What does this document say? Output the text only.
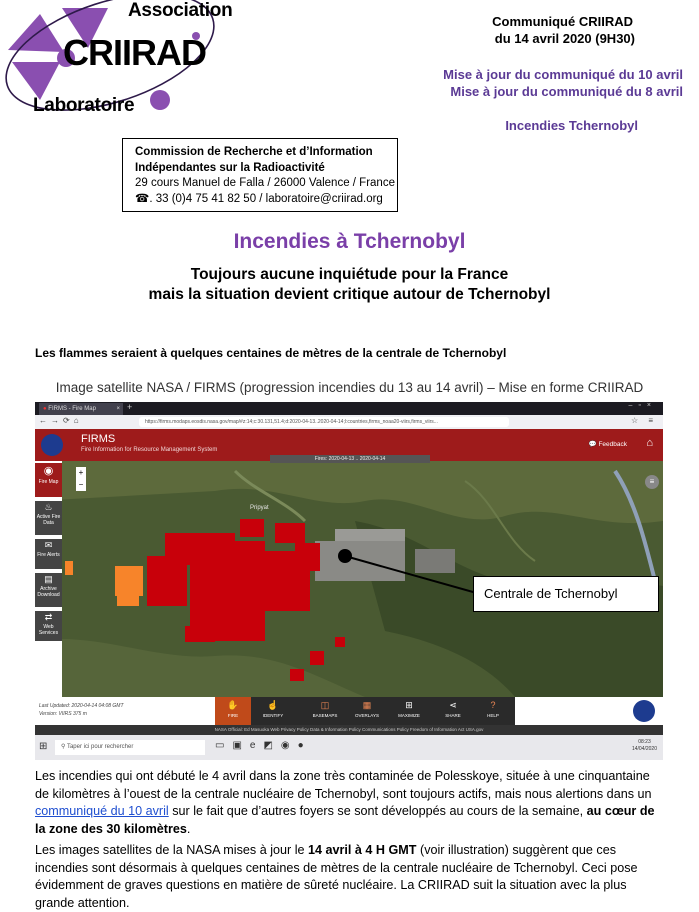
Association
CRIIRAD
Laboratoire
Communiqué CRIIRAD
du 14 avril 2020 (9H30)
Mise à jour du communiqué du 10 avril
Mise à jour du communiqué du 8 avril
Incendies Tchernobyl
Commission de Recherche et d’Information
Indépendantes sur la Radioactivité
29 cours Manuel de Falla / 26000 Valence / France
☎. 33 (0)4 75 41 82 50 / laboratoire@criirad.org
Incendies à Tchernobyl
Toujours aucune inquiétude pour la France
mais la situation devient critique autour de Tchernobyl
Les flammes seraient à quelques centaines de mètres de la centrale de Tchernobyl
Image satellite NASA / FIRMS (progression incendies du 13 au 14 avril) – Mise en forme CRIIRAD
● FIRMS - Fire Map	× +	–▫×
←→⟳⌂	https://firms.modaps.eosdis.nasa.gov/map/#z:14;c:30.131,51.4;d:2020-04-13..2020-04-14;l:countries,firms_noaa20-viirs,firms_viirs...	☆ ≡
FIRMS
Fire Information for Resource Management System
💬 Feedback ⌂
+
−
Fires: 2020-04-13 .. 2020-04-14
Pripyat
≡
Centrale de Tchernobyl
◉
Fire Map
♨
Active Fire Data
✉
Fire Alerts
▤
Archive Download
⇄
Web Services
Last Updated: 2020-04-14 04:08 GMT
Version: VIIRS 375 m
✋
FIRE
☝
IDENTIFY
◫
BASEMAPS
▦
OVERLAYS
⊞
MAXIMIZE
⋖
SHARE
?
HELP
NASA Official: Ed Masuoka Web Privacy Policy Data & Information Policy Communications Policy Freedom of Information Act USA.gov
⊞	⚲ Taper ici pour rechercher	▭▣e◩◉●	08:23
14/04/2020
Les incendies qui ont débuté le 4 avril dans la zone très contaminée de Polesskoye, située à une cinquantaine de kilomètres à l’ouest de la centrale nucléaire de Tchernobyl, sont toujours actifs, mais nous alertions dans un communiqué du 10 avril sur le fait que d’autres foyers se sont développés au cours de la semaine, au cœur de la zone des 30 kilomètres.
Les images satellites de la NASA mises à jour le 14 avril à 4 H GMT (voir illustration) suggèrent que ces incendies sont désormais à quelques centaines de mètres de la centrale nucléaire de Tchernobyl. Ceci pose évidemment de graves questions en matière de sûreté nucléaire. La CRIIRAD suit la situation avec la plus grande attention.
